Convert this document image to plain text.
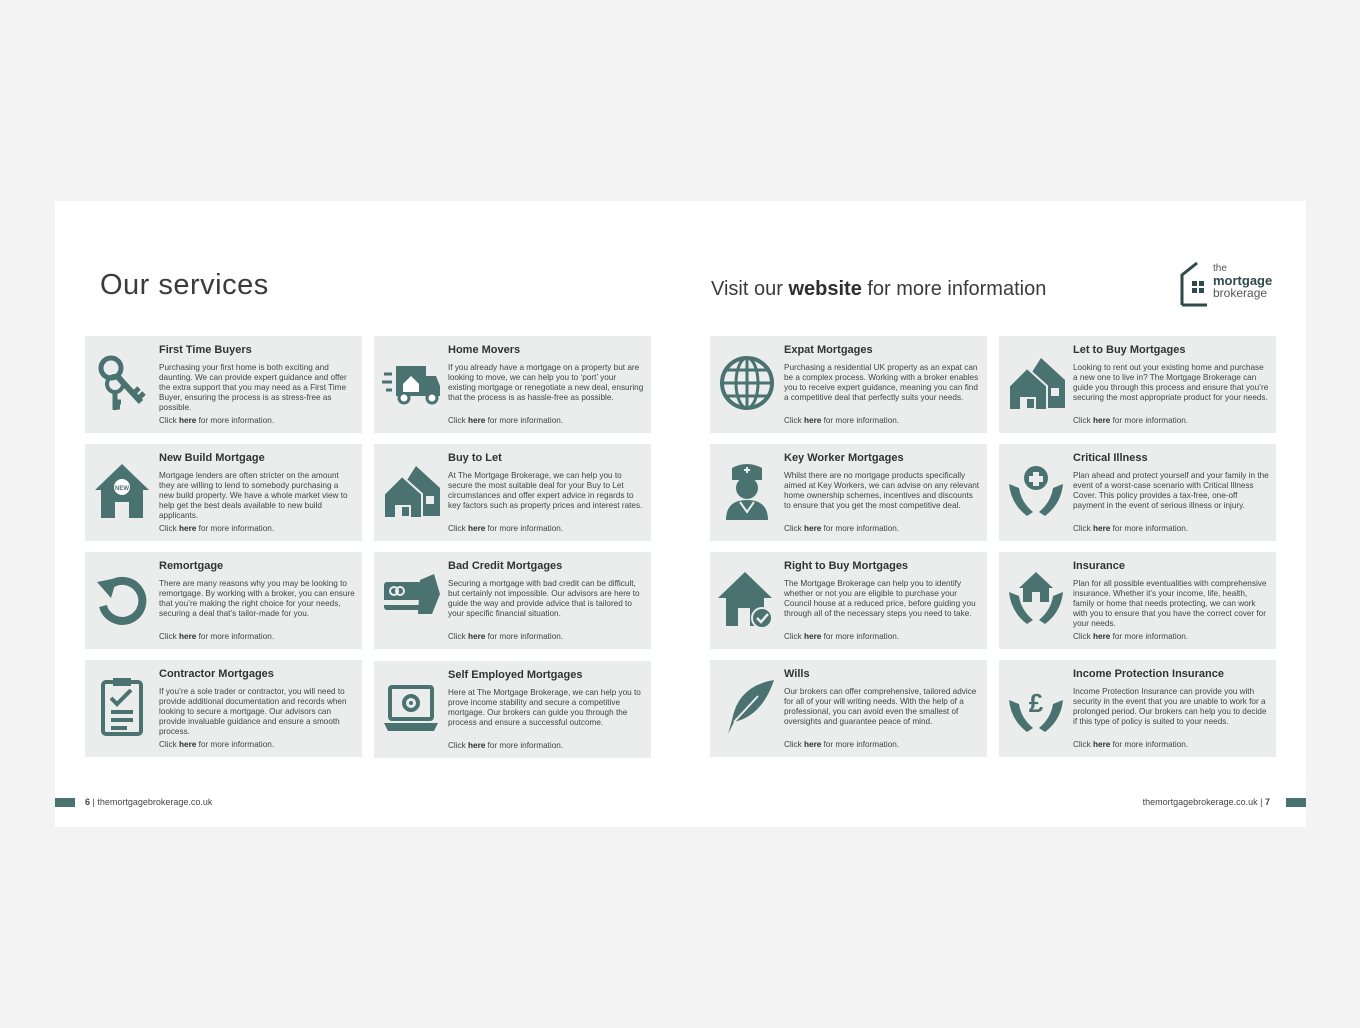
Our services	Visit our website for more information
the
mortgage
brokerage
First Time Buyers
Purchasing your first home is both exciting and daunting. We can provide expert guidance and offer the extra support that you may need as a First Time Buyer, ensuring the process is as stress-free as possible.
Click here for more information.
Home Movers
If you already have a mortgage on a property but are looking to move, we can help you to ‘port’ your existing mortgage or renegotiate a new deal, ensuring that the process is as hassle-free as possible.
Click here for more information.
NEW
New Build Mortgage
Mortgage lenders are often stricter on the amount they are willing to lend to somebody purchasing a new build property. We have a whole market view to help get the best deals available to new build applicants.
Click here for more information.
Buy to Let
At The Mortgage Brokerage, we can help you to secure the most suitable deal for your Buy to Let circumstances and offer expert advice in regards to key factors such as property prices and interest rates.
Click here for more information.
Remortgage
There are many reasons why you may be looking to remortgage. By working with a broker, you can ensure that you’re making the right choice for your needs, securing a deal that’s tailor-made for you.
Click here for more information.
Bad Credit Mortgages
Securing a mortgage with bad credit can be difficult, but certainly not impossible. Our advisors are here to guide the way and provide advice that is tailored to your specific financial situation.
Click here for more information.
Contractor Mortgages
If you’re a sole trader or contractor, you will need to provide additional documentation and records when looking to secure a mortgage. Our advisors can provide invaluable guidance and ensure a smooth process.
Click here for more information.
Self Employed Mortgages
Here at The Mortgage Brokerage, we can help you to prove income stability and secure a competitive mortgage. Our brokers can guide you through the process and ensure a successful outcome.
Click here for more information.
Expat Mortgages
Purchasing a residential UK property as an expat can be a complex process. Working with a broker enables you to receive expert guidance, meaning you can find a competitive deal that perfectly suits your needs.
Click here for more information.
Let to Buy Mortgages
Looking to rent out your existing home and purchase a new one to live in? The Mortgage Brokerage can guide you through this process and ensure that you’re securing the most appropriate product for your needs.
Click here for more information.
Key Worker Mortgages
Whilst there are no mortgage products specifically aimed at Key Workers, we can advise on any relevant home ownership schemes, incentives and discounts to ensure that you get the most competitive deal.
Click here for more information.
Critical Illness
Plan ahead and protect yourself and your family in the event of a worst-case scenario with Critical Illness Cover. This policy provides a tax-free, one-off payment in the event of serious illness or injury.
Click here for more information.
Right to Buy Mortgages
The Mortgage Brokerage can help you to identify whether or not you are eligible to purchase your Council house at a reduced price, before guiding you through all of the necessary steps you need to take.
Click here for more information.
Insurance
Plan for all possible eventualities with comprehensive insurance. Whether it’s your income, life, health, family or home that needs protecting, we can work with you to ensure that you have the correct cover for your needs.
Click here for more information.
Wills
Our brokers can offer comprehensive, tailored advice for all of your will writing needs. With the help of a professional, you can avoid even the smallest of oversights and guarantee peace of mind.
Click here for more information.
£
Income Protection Insurance
Income Protection Insurance can provide you with security in the event that you are unable to work for a prolonged period. Our brokers can help you to decide if this type of policy is suited to your needs.
Click here for more information.
6 | themortgagebrokerage.co.uk	themortgagebrokerage.co.uk | 7
